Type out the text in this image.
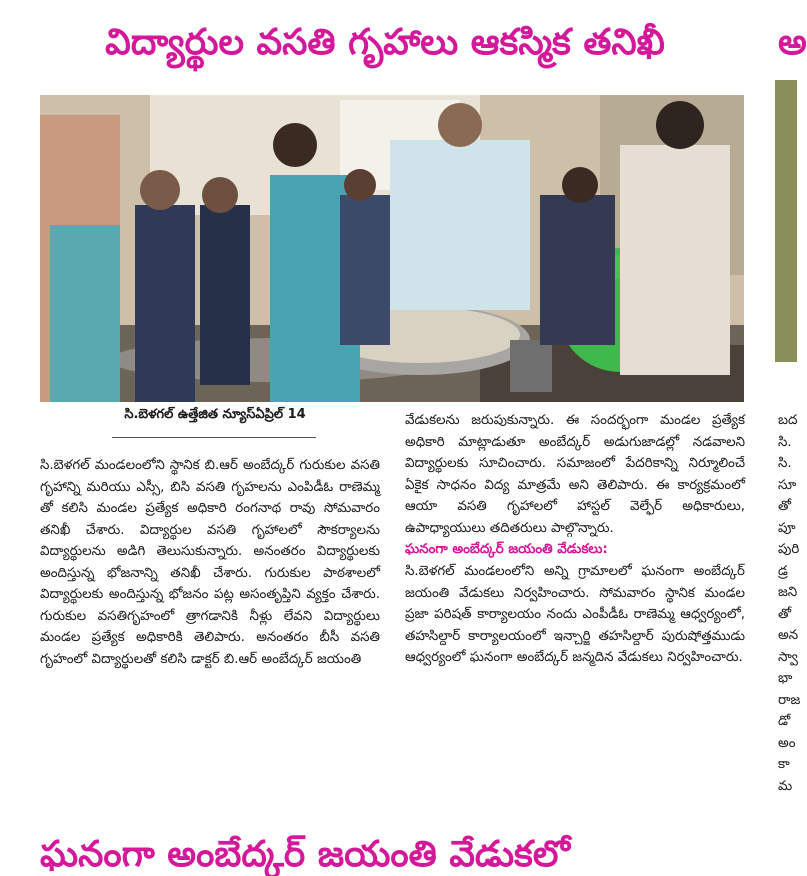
విద్యార్థుల వసతి గృహాలు ఆకస్మిక తనిఖీ	అ
సి.బెళగల్ ఉత్తేజిత న్యూస్ఏప్రిల్ 14

సి.బెళగల్ మండలంలోని స్థానిక బి.ఆర్ అంబేద్కర్ గురుకుల వసతి గృహాన్ని మరియు ఎస్సీ, బిసి వసతి గృహలను ఎంపిడీఓ రాణెమ్మ తో కలిసి మండల ప్రత్యేక అధికారి రంగనాథ రావు సోమవారం తనిఖీ చేశారు. విద్యార్థుల వసతి గృహాలలో సౌకర్యాలను విద్యార్థులను అడిగి తెలుసుకున్నారు. అనంతరం విద్యార్థులకు అందిస్తున్న భోజనాన్ని తనిఖీ చేశారు. గురుకుల పాఠశాలలో విద్యార్థులకు అందిస్తున్న భోజనం పట్ల అసంతృప్తిని వ్యక్తం చేశారు. గురుకుల వసతిగృహంలో త్రాగడానికి నీళ్లు లేవని విద్యార్థులు మండల ప్రత్యేక అధికారికి తెలిపారు. అనంతరం బీసీ వసతి గృహంలో విద్యార్థులతో కలిసి డాక్టర్ బి.ఆర్ అంబేద్కర్ జయంతి

వేడుకలను జరుపుకున్నారు. ఈ సందర్భంగా మండల ప్రత్యేక అధికారి మాట్లాడుతూ అంబేద్కర్ అడుగుజాడల్లో నడవాలని విద్యార్థులకు సూచించారు. సమాజంలో పేదరికాన్ని నిర్మూలించే ఏకైక సాధనం విద్య మాత్రమే అని తెలిపారు. ఈ కార్యక్రమంలో ఆయా వసతి గృహాలలో హాస్టల్ వెల్ఫేర్ అధికారులు, ఉపాధ్యాయులు తదితరులు పాల్గొన్నారు.

ఘనంగా అంబేద్కర్ జయంతి వేడుకలు:

సి.బెళగల్ మండలంలోని అన్ని గ్రామాలలో ఘనంగా అంబేద్కర్ జయంతి వేడుకలు నిర్వహించారు. సోమవారం స్థానిక మండల ప్రజా పరిషత్ కార్యాలయం నందు ఎంపీడీఓ రాణెమ్మ ఆధ్వర్యంలో, తహసిల్దార్ కార్యాలయంలో ఇన్చార్జి తహసిల్దార్ పురుషోత్తముడు ఆధ్వర్యంలో ఘనంగా అంబేద్కర్ జన్మదిన వేడుకలు నిర్వహించారు.

బద
సి.
సి.
సూ
తో
పూ
పురి
డ్ర
జని
తో
అన
స్వా
భా
రాజ
డో
అం
కా
మ
ఘనంగా అంబేద్కర్ జయంతి వేడుకలో
